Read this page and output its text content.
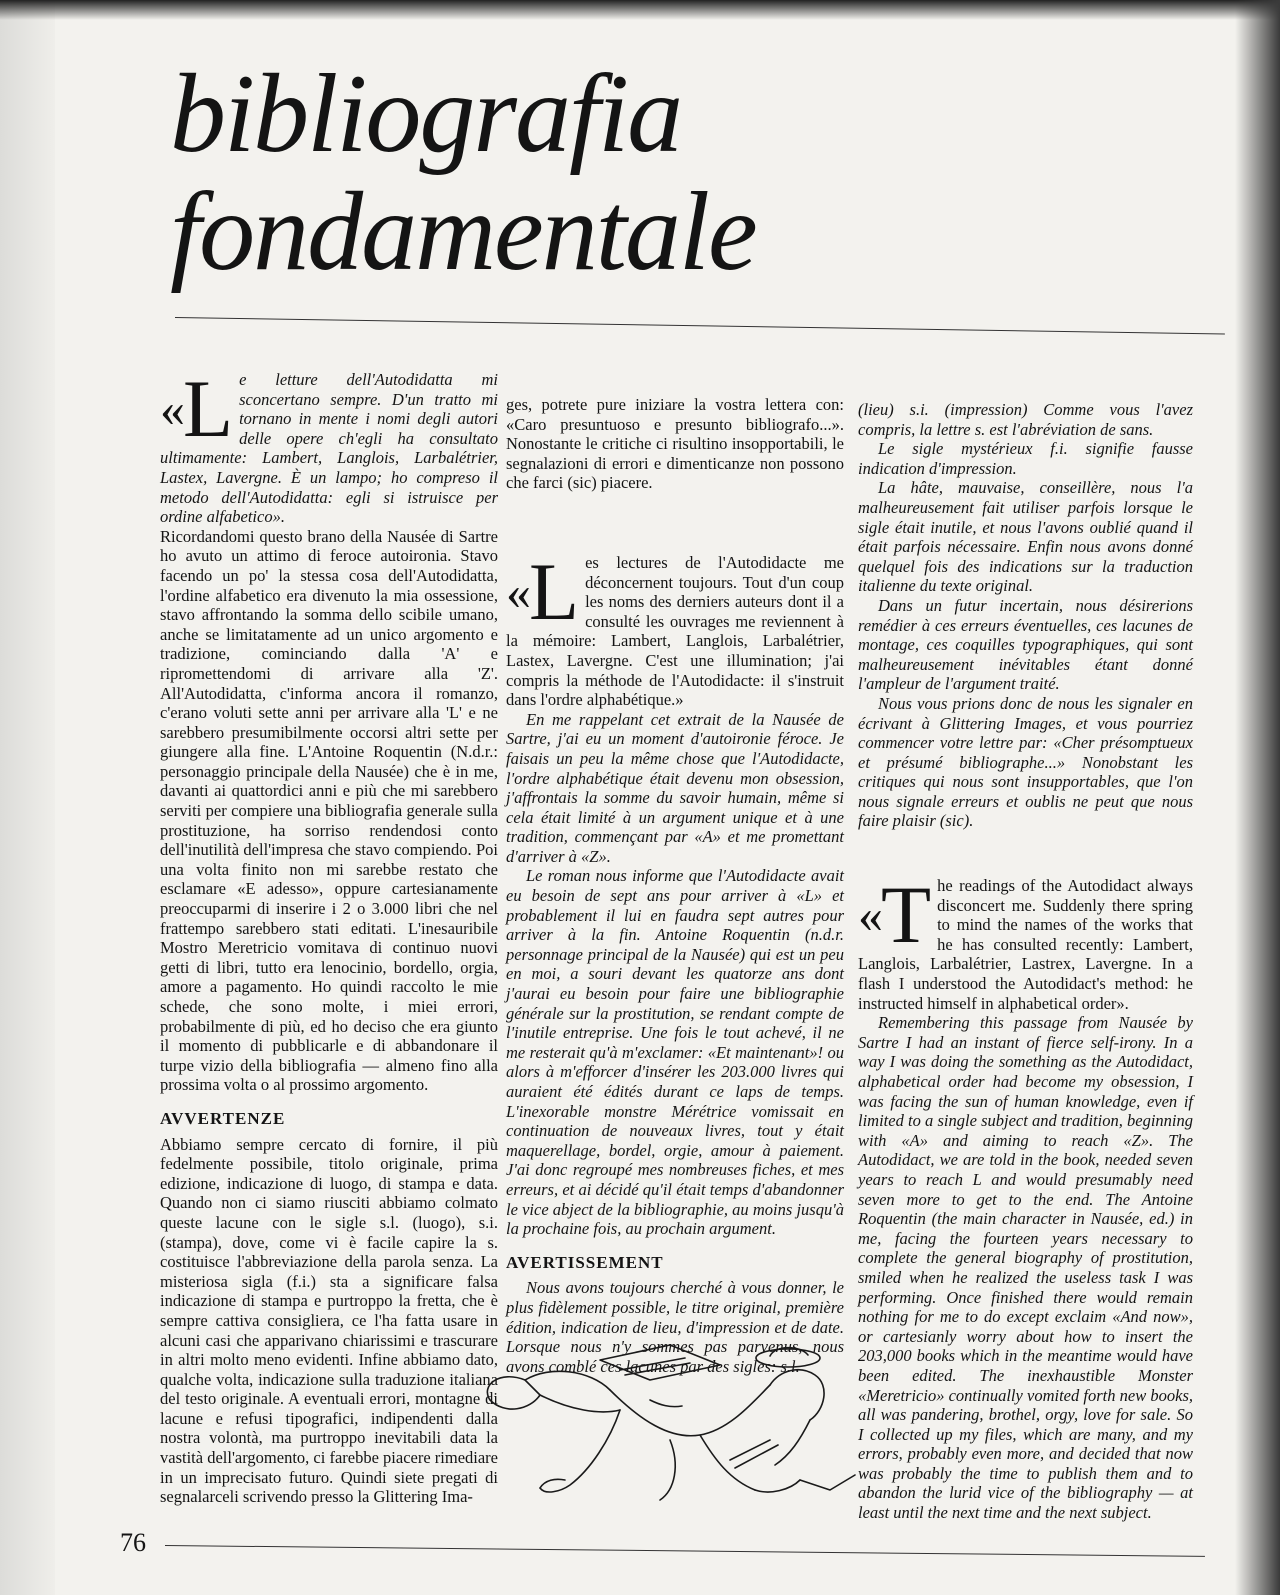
bibliografia
fondamentale
«L e letture dell'Autodidatta mi sconcertano sempre. D'un tratto mi tornano in mente i nomi degli autori delle opere ch'egli ha consultato ultimamente: Lambert, Langlois, Larbalétrier, Lastex, Lavergne. È un lampo; ho compreso il metodo dell'Autodidatta: egli si istruisce per ordine alfabetico».

Ricordandomi questo brano della Nausée di Sartre ho avuto un attimo di feroce autoironia. Stavo facendo un po' la stessa cosa dell'Autodidatta, l'ordine alfabetico era divenuto la mia ossessione, stavo affrontando la somma dello scibile umano, anche se limitatamente ad un unico argomento e tradizione, cominciando dalla 'A' e ripromettendomi di arrivare alla 'Z'. All'Autodidatta, c'informa ancora il romanzo, c'erano voluti sette anni per arrivare alla 'L' e ne sarebbero presumibilmente occorsi altri sette per giungere alla fine. L'Antoine Roquentin (N.d.r.: personaggio principale della Nausée) che è in me, davanti ai quattordici anni e più che mi sarebbero serviti per compiere una bibliografia generale sulla prostituzione, ha sorriso rendendosi conto dell'inutilità dell'impresa che stavo compiendo. Poi una volta finito non mi sarebbe restato che esclamare «E adesso», oppure cartesianamente preoccuparmi di inserire i 2 o 3.000 libri che nel frattempo sarebbero stati editati. L'inesauribile Mostro Meretricio vomitava di continuo nuovi getti di libri, tutto era lenocinio, bordello, orgia, amore a pagamento. Ho quindi raccolto le mie schede, che sono molte, i miei errori, probabilmente di più, ed ho deciso che era giunto il momento di pubblicarle e di abbandonare il turpe vizio della bibliografia — almeno fino alla prossima volta o al prossimo argomento.

AVVERTENZE

Abbiamo sempre cercato di fornire, il più fedelmente possibile, titolo originale, prima edizione, indicazione di luogo, di stampa e data. Quando non ci siamo riusciti abbiamo colmato queste lacune con le sigle s.l. (luogo), s.i. (stampa), dove, come vi è facile capire la s. costituisce l'abbreviazione della parola senza. La misteriosa sigla (f.i.) sta a significare falsa indicazione di stampa e purtroppo la fretta, che è sempre cattiva consigliera, ce l'ha fatta usare in alcuni casi che apparivano chiarissimi e trascurare in altri molto meno evidenti. Infine abbiamo dato, qualche volta, indicazione sulla traduzione italiana del testo originale. A eventuali errori, montagne di lacune e refusi tipografici, indipendenti dalla nostra volontà, ma purtroppo inevitabili data la vastità dell'argomento, ci farebbe piacere rimediare in un imprecisato futuro. Quindi siete pregati di segnalarceli scrivendo presso la Glittering Ima-

ges, potrete pure iniziare la vostra lettera con: «Caro presuntuoso e presunto bibliografo...». Nonostante le critiche ci risultino insopportabili, le segnalazioni di errori e dimenticanze non possono che farci (sic) piacere.

«L es lectures de l'Autodidacte me déconcernent toujours. Tout d'un coup les noms des derniers auteurs dont il a consulté les ouvrages me reviennent à la mémoire: Lambert, Langlois, Larbalétrier, Lastex, Lavergne. C'est une illumination; j'ai compris la méthode de l'Autodidacte: il s'instruit dans l'ordre alphabétique.»

En me rappelant cet extrait de la Nausée de Sartre, j'ai eu un moment d'autoironie féroce. Je faisais un peu la même chose que l'Autodidacte, l'ordre alphabétique était devenu mon obsession, j'affrontais la somme du savoir humain, même si cela était limité à un argument unique et à une tradition, commençant par «A» et me promettant d'arriver à «Z».

Le roman nous informe que l'Autodidacte avait eu besoin de sept ans pour arriver à «L» et probablement il lui en faudra sept autres pour arriver à la fin. Antoine Roquentin (n.d.r. personnage principal de la Nausée) qui est un peu en moi, a souri devant les quatorze ans dont j'aurai eu besoin pour faire une bibliographie générale sur la prostitution, se rendant compte de l'inutile entreprise. Une fois le tout achevé, il ne me resterait qu'à m'exclamer: «Et maintenant»! ou alors à m'efforcer d'insérer les 203.000 livres qui auraient été édités durant ce laps de temps. L'inexorable monstre Mérétrice vomissait en continuation de nouveaux livres, tout y était maquerellage, bordel, orgie, amour à paiement. J'ai donc regroupé mes nombreuses fiches, et mes erreurs, et ai décidé qu'il était temps d'abandonner le vice abject de la bibliographie, au moins jusqu'à la prochaine fois, au prochain argument.

AVERTISSEMENT

Nous avons toujours cherché à vous donner, le plus fidèlement possible, le titre original, première édition, indication de lieu, d'impression et de date. Lorsque nous n'y sommes pas parvenus, nous avons comblé ces lacunes par des sigles: s.l.

(lieu) s.i. (impression) Comme vous l'avez compris, la lettre s. est l'abréviation de sans.

Le sigle mystérieux f.i. signifie fausse indication d'impression.

La hâte, mauvaise, conseillère, nous l'a malheureusement fait utiliser parfois lorsque le sigle était inutile, et nous l'avons oublié quand il était parfois nécessaire. Enfin nous avons donné quelquel fois des indications sur la traduction italienne du texte original.

Dans un futur incertain, nous désirerions remédier à ces erreurs éventuelles, ces lacunes de montage, ces coquilles typographiques, qui sont malheureusement inévitables étant donné l'ampleur de l'argument traité.

Nous vous prions donc de nous les signaler en écrivant à Glittering Images, et vous pourriez commencer votre lettre par: «Cher présomptueux et présumé bibliographe...» Nonobstant les critiques qui nous sont insupportables, que l'on nous signale erreurs et oublis ne peut que nous faire plaisir (sic).

«T he readings of the Autodidact always disconcert me. Suddenly there spring to mind the names of the works that he has consulted recently: Lambert, Langlois, Larbalétrier, Lastrex, Lavergne. In a flash I understood the Autodidact's method: he instructed himself in alphabetical order».

Remembering this passage from Nausée by Sartre I had an instant of fierce self-irony. In a way I was doing the something as the Autodidact, alphabetical order had become my obsession, I was facing the sun of human knowledge, even if limited to a single subject and tradition, beginning with «A» and aiming to reach «Z». The Autodidact, we are told in the book, needed seven years to reach L and would presumably need seven more to get to the end. The Antoine Roquentin (the main character in Nausée, ed.) in me, facing the fourteen years necessary to complete the general biography of prostitution, smiled when he realized the useless task I was performing. Once finished there would remain nothing for me to do except exclaim «And now», or cartesianly worry about how to insert the 203,000 books which in the meantime would have been edited. The inexhaustible Monster «Meretricio» continually vomited forth new books, all was pandering, brothel, orgy, love for sale. So I collected up my files, which are many, and my errors, probably even more, and decided that now was probably the time to publish them and to abandon the lurid vice of the bibliography — at least until the next time and the next subject.

76
